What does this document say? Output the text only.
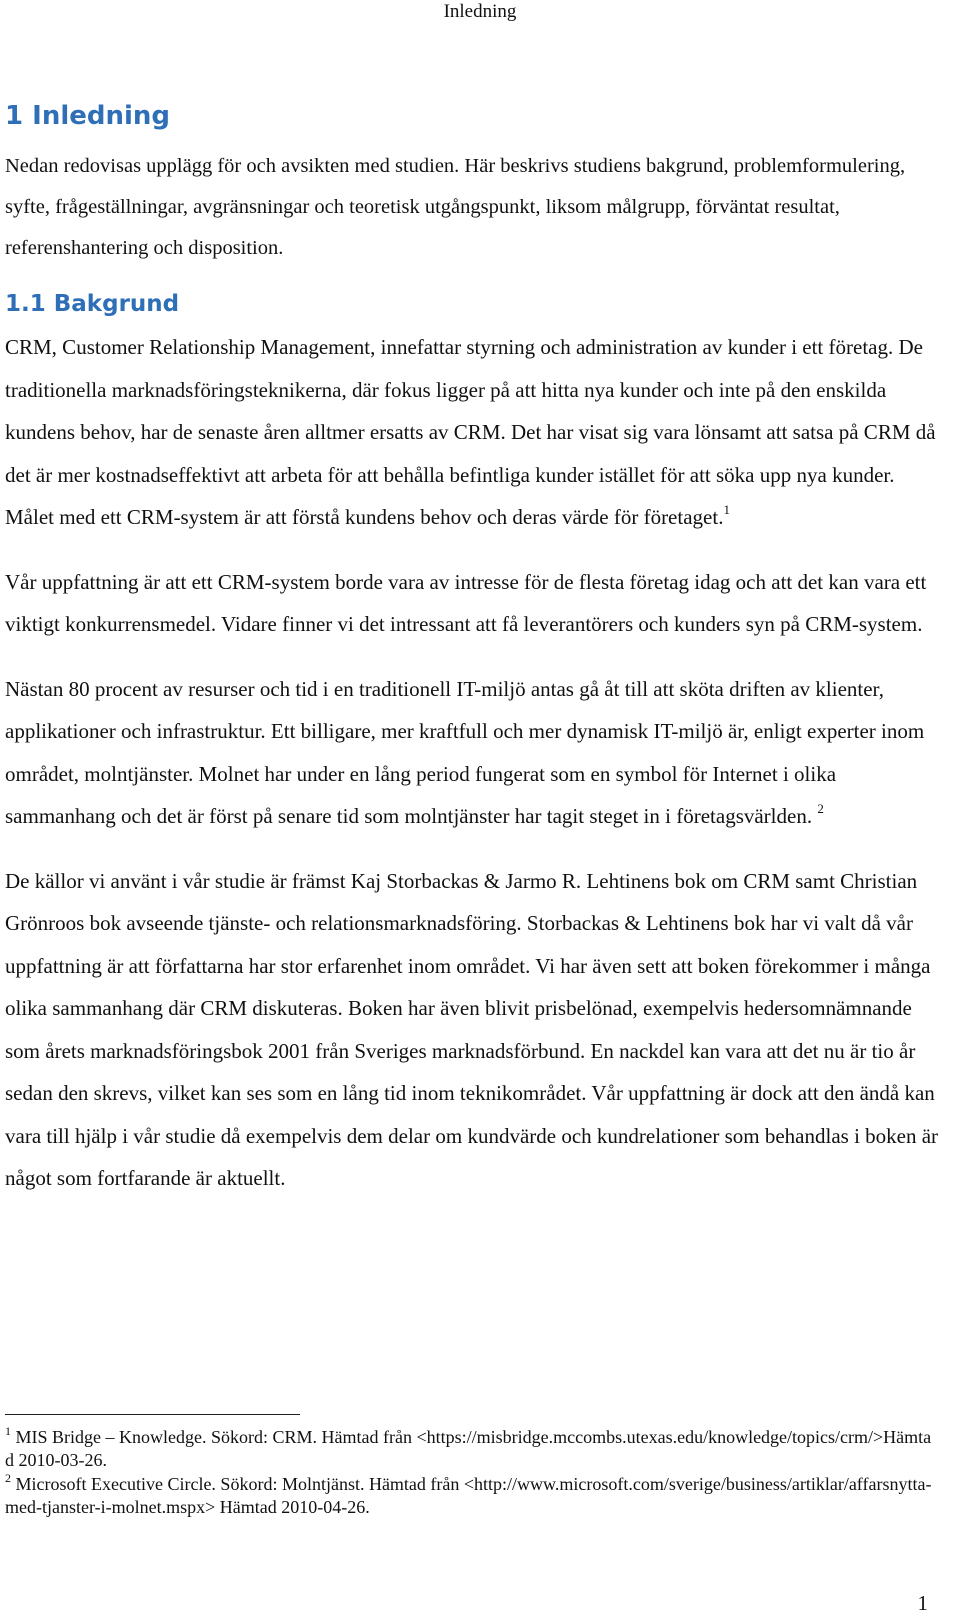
Inledning
1 Inledning

Nedan redovisas upplägg för och avsikten med studien. Här beskrivs studiens bakgrund, problemformulering, syfte, frågeställningar, avgränsningar och teoretisk utgångspunkt, liksom målgrupp, förväntat resultat, referenshantering och disposition.

1.1 Bakgrund

CRM, Customer Relationship Management, innefattar styrning och administration av kunder i ett företag. De traditionella marknadsföringsteknikerna, där fokus ligger på att hitta nya kunder och inte på den enskilda kundens behov, har de senaste åren alltmer ersatts av CRM. Det har visat sig vara lönsamt att satsa på CRM då det är mer kostnadseffektivt att arbeta för att behålla befintliga kunder istället för att söka upp nya kunder. Målet med ett CRM-system är att förstå kundens behov och deras värde för företaget.$^1$

Vår uppfattning är att ett CRM-system borde vara av intresse för de flesta företag idag och att det kan vara ett viktigt konkurrensmedel. Vidare finner vi det intressant att få leverantörers och kunders syn på CRM-system.

Nästan 80 procent av resurser och tid i en traditionell IT-miljö antas gå åt till att sköta driften av klienter, applikationer och infrastruktur. Ett billigare, mer kraftfull och mer dynamisk IT-miljö är, enligt experter inom området, molntjänster. Molnet har under en lång period fungerat som en symbol för Internet i olika sammanhang och det är först på senare tid som molntjänster har tagit steget in i företagsvärlden. $^2$

De källor vi använt i vår studie är främst Kaj Storbackas & Jarmo R. Lehtinens bok om CRM samt Christian Grönroos bok avseende tjänste- och relationsmarknadsföring. Storbackas & Lehtinens bok har vi valt då vår uppfattning är att författarna har stor erfarenhet inom området. Vi har även sett att boken förekommer i många olika sammanhang där CRM diskuteras. Boken har även blivit prisbelönad, exempelvis hedersomnämnande som årets marknadsföringsbok 2001 från Sveriges marknadsförbund. En nackdel kan vara att det nu är tio år sedan den skrevs, vilket kan ses som en lång tid inom teknikområdet. Vår uppfattning är dock att den ändå kan vara till hjälp i vår studie då exempelvis dem delar om kundvärde och kundrelationer som behandlas i boken är något som fortfarande är aktuellt.

$^1$ MIS Bridge – Knowledge. Sökord: CRM. Hämtad från <https://misbridge.mccombs.utexas.edu/knowledge/topics/crm/>Hämtad 2010-03-26.

$^2$ Microsoft Executive Circle. Sökord: Molntjänst. Hämtad från <http://www.microsoft.com/sverige/business/artiklar/affarsnytta-med-tjanster-i-molnet.mspx> Hämtad 2010-04-26.

1
